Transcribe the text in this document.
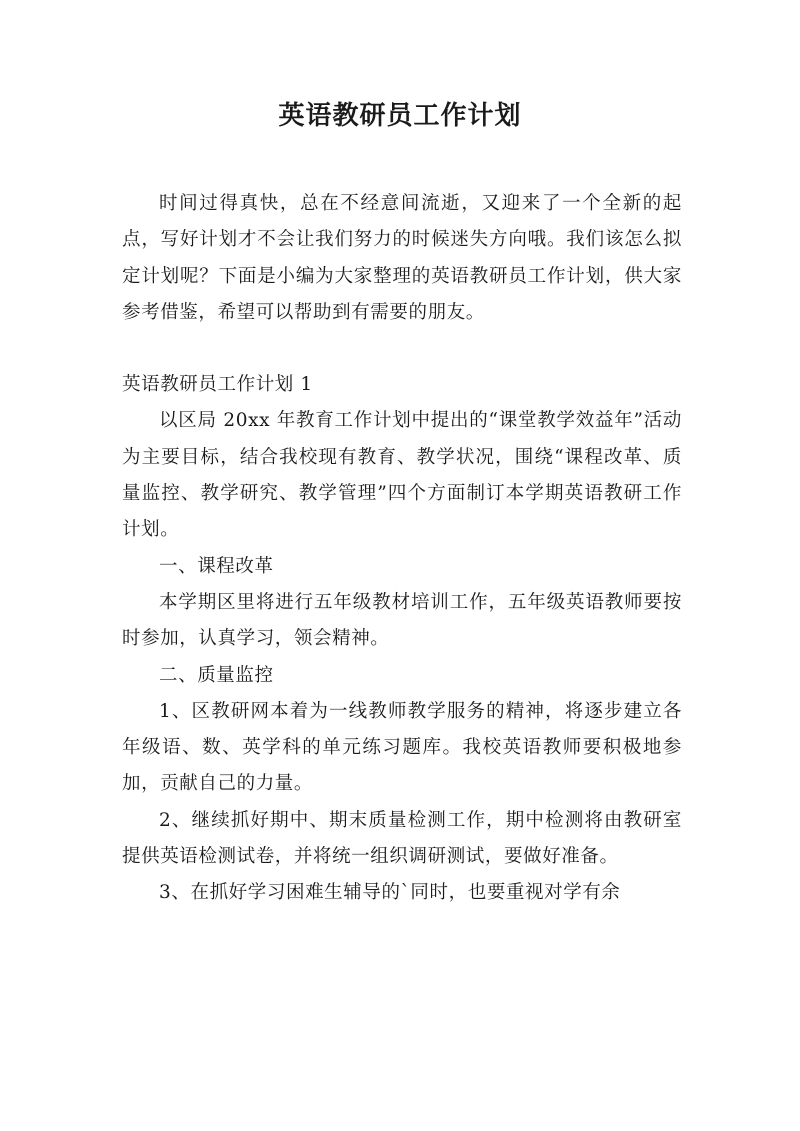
英语教研员工作计划

时间过得真快，总在不经意间流逝，又迎来了一个全新的起点，写好计划才不会让我们努力的时候迷失方向哦。我们该怎么拟定计划呢？下面是小编为大家整理的英语教研员工作计划，供大家参考借鉴，希望可以帮助到有需要的朋友。

英语教研员工作计划 1

以区局 20xx 年教育工作计划中提出的“课堂教学效益年”活动为主要目标，结合我校现有教育、教学状况，围绕“课程改革、质量监控、教学研究、教学管理”四个方面制订本学期英语教研工作计划。

一、课程改革

本学期区里将进行五年级教材培训工作，五年级英语教师要按时参加，认真学习，领会精神。

二、质量监控

1、区教研网本着为一线教师教学服务的精神，将逐步建立各年级语、数、英学科的单元练习题库。我校英语教师要积极地参加，贡献自己的力量。

2、继续抓好期中、期末质量检测工作，期中检测将由教研室提供英语检测试卷，并将统一组织调研测试，要做好准备。

3、在抓好学习困难生辅导的`同时，也要重视对学有余
